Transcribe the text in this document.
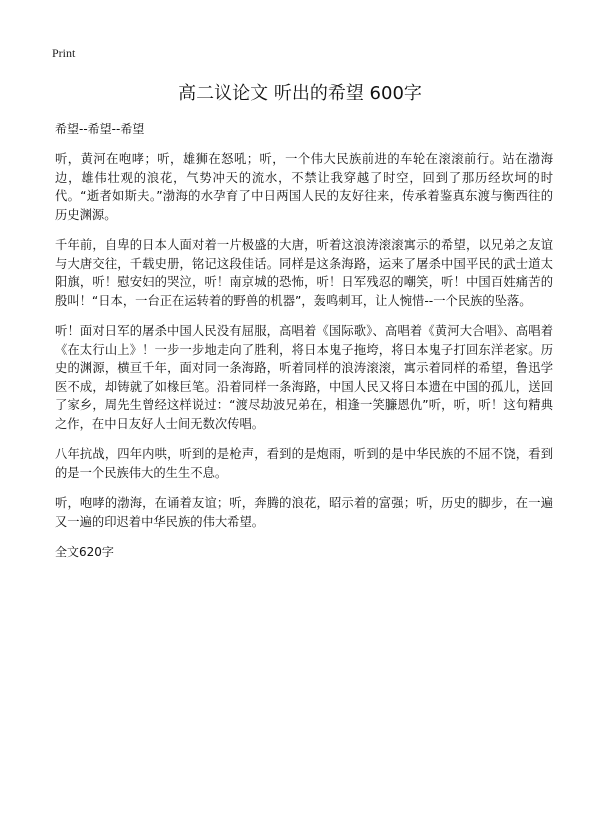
Print
高二议论文 听出的希望 600字
希望--希望--希望

听，黄河在咆哮；听，雄狮在怒吼；听，一个伟大民族前进的车轮在滚滚前行。站在渤海边，雄伟壮观的浪花，气势冲天的流水，不禁让我穿越了时空，回到了那历经坎坷的时代。“逝者如斯夫。”渤海的水孕育了中日两国人民的友好往来，传承着鉴真东渡与衡西往的历史渊源。

千年前，自卑的日本人面对着一片极盛的大唐，听着这浪涛滚滚寓示的希望，以兄弟之友谊与大唐交往，千载史册，铭记这段佳话。同样是这条海路，运来了屠杀中国平民的武士道太阳旗，听！慰安妇的哭泣，听！南京城的恐怖，听！日军残忍的嘲笑，听！中国百姓痛苦的殷叫！“日本，一台正在运转着的野兽的机器”，轰鸣刺耳，让人惋惜--一个民族的坠落。

听！面对日军的屠杀中国人民没有屈服，高唱着《国际歌》、高唱着《黄河大合唱》、高唱着《在太行山上》！一步一步地走向了胜利，将日本鬼子拖垮，将日本鬼子打回东洋老家。历史的渊源，横亘千年，面对同一条海路，听着同样的浪涛滚滚，寓示着同样的希望，鲁迅学医不成，却铸就了如椽巨笔。沿着同样一条海路，中国人民又将日本遗在中国的孤儿，送回了家乡，周先生曾经这样说过：“渡尽劫波兄弟在，相逢一笑臁恩仇”听，听，听！这句精典之作，在中日友好人士间无数次传唱。

八年抗战，四年内哄，听到的是枪声，看到的是炮雨，听到的是中华民族的不屈不饶，看到的是一个民族伟大的生生不息。

听，咆哮的渤海，在诵着友谊；听，奔腾的浪花，昭示着的富强；听，历史的脚步，在一遍又一遍的印迟着中华民族的伟大希望。

全文620字
